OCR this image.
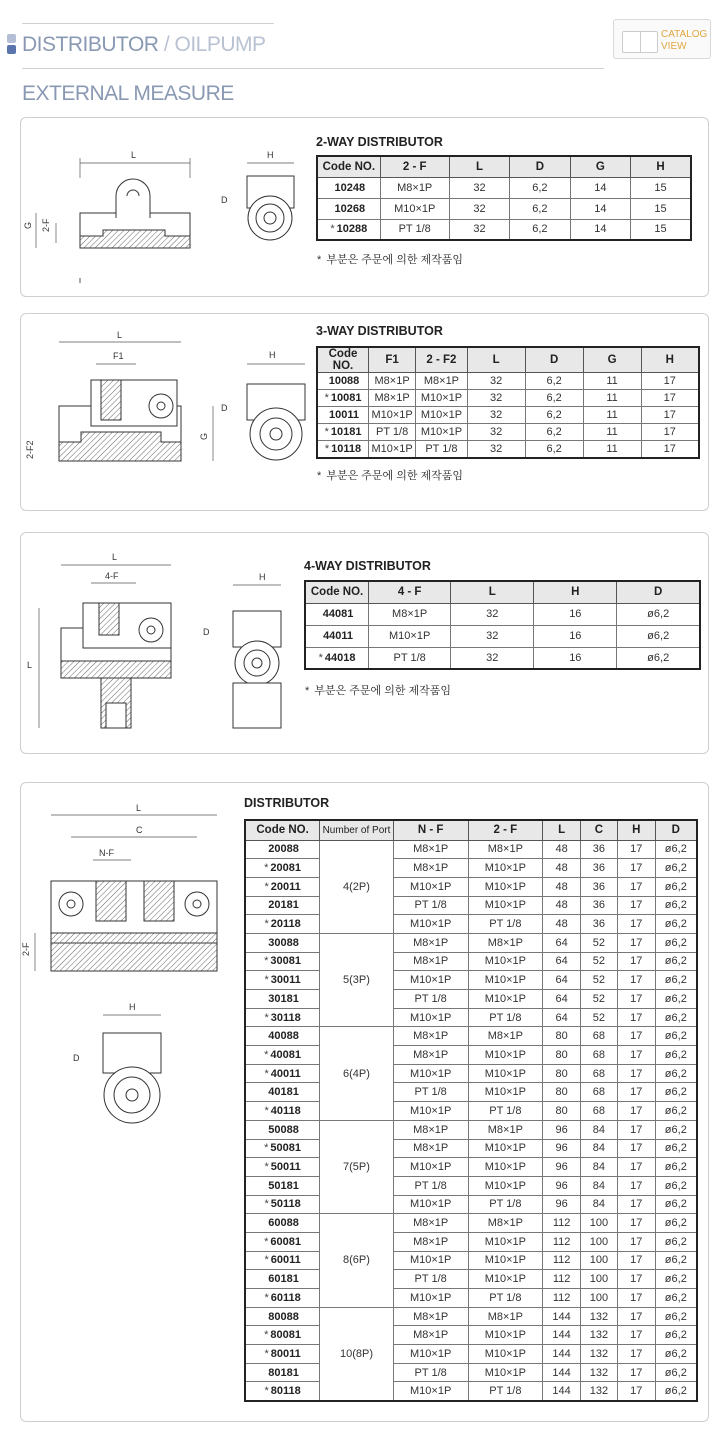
DISTRIBUTOR / OILPUMP	CATALOG
VIEW
EXTERNAL MEASURE
L
G 2-F
H
D
2-WAY DISTRIBUTOR
Code NO.	2 - F	L	D	G	H
10248	M8×1P	32	6,2	14	15
10268	M10×1P	32	6,2	14	15
* 10288	PT 1/8	32	6,2	14	15
* 부분은 주문에 의한 제작품임
L
F1
G
2-F2
H
D
3-WAY DISTRIBUTOR
Code NO.	F1	2 - F2	L	D	G	H
10088	M8×1P	M8×1P	32	6,2	11	17
* 10081	M8×1P	M10×1P	32	6,2	11	17
10011	M10×1P	M10×1P	32	6,2	11	17
* 10181	PT 1/8	M10×1P	32	6,2	11	17
* 10118	M10×1P	PT 1/8	32	6,2	11	17
* 부분은 주문에 의한 제작품임
L
4-F
L
H
D
4-WAY DISTRIBUTOR
Code NO.	4 - F	L	H	D
44081	M8×1P	32	16	ø6,2
44011	M10×1P	32	16	ø6,2
* 44018	PT 1/8	32	16	ø6,2
* 부분은 주문에 의한 제작품임
L
C
N-F
2-F
H
D
DISTRIBUTOR
Code NO.	Number of Port	N - F	2 - F	L	C	H	D
20088	4(2P)	M8×1P	M8×1P	48	36	17	ø6,2
* 20081		M8×1P	M10×1P	48	36	17	ø6,2
* 20011		M10×1P	M10×1P	48	36	17	ø6,2
20181		PT 1/8	M10×1P	48	36	17	ø6,2
* 20118		M10×1P	PT 1/8	48	36	17	ø6,2
30088	5(3P)	M8×1P	M8×1P	64	52	17	ø6,2
* 30081		M8×1P	M10×1P	64	52	17	ø6,2
* 30011		M10×1P	M10×1P	64	52	17	ø6,2
30181		PT 1/8	M10×1P	64	52	17	ø6,2
* 30118		M10×1P	PT 1/8	64	52	17	ø6,2
40088	6(4P)	M8×1P	M8×1P	80	68	17	ø6,2
* 40081		M8×1P	M10×1P	80	68	17	ø6,2
* 40011		M10×1P	M10×1P	80	68	17	ø6,2
40181		PT 1/8	M10×1P	80	68	17	ø6,2
* 40118		M10×1P	PT 1/8	80	68	17	ø6,2
50088	7(5P)	M8×1P	M8×1P	96	84	17	ø6,2
* 50081		M8×1P	M10×1P	96	84	17	ø6,2
* 50011		M10×1P	M10×1P	96	84	17	ø6,2
50181		PT 1/8	M10×1P	96	84	17	ø6,2
* 50118		M10×1P	PT 1/8	96	84	17	ø6,2
60088	8(6P)	M8×1P	M8×1P	112	100	17	ø6,2
* 60081		M8×1P	M10×1P	112	100	17	ø6,2
* 60011		M10×1P	M10×1P	112	100	17	ø6,2
60181		PT 1/8	M10×1P	112	100	17	ø6,2
* 60118		M10×1P	PT 1/8	112	100	17	ø6,2
80088	10(8P)	M8×1P	M8×1P	144	132	17	ø6,2
* 80081		M8×1P	M10×1P	144	132	17	ø6,2
* 80011		M10×1P	M10×1P	144	132	17	ø6,2
80181		PT 1/8	M10×1P	144	132	17	ø6,2
* 80118		M10×1P	PT 1/8	144	132	17	ø6,2
